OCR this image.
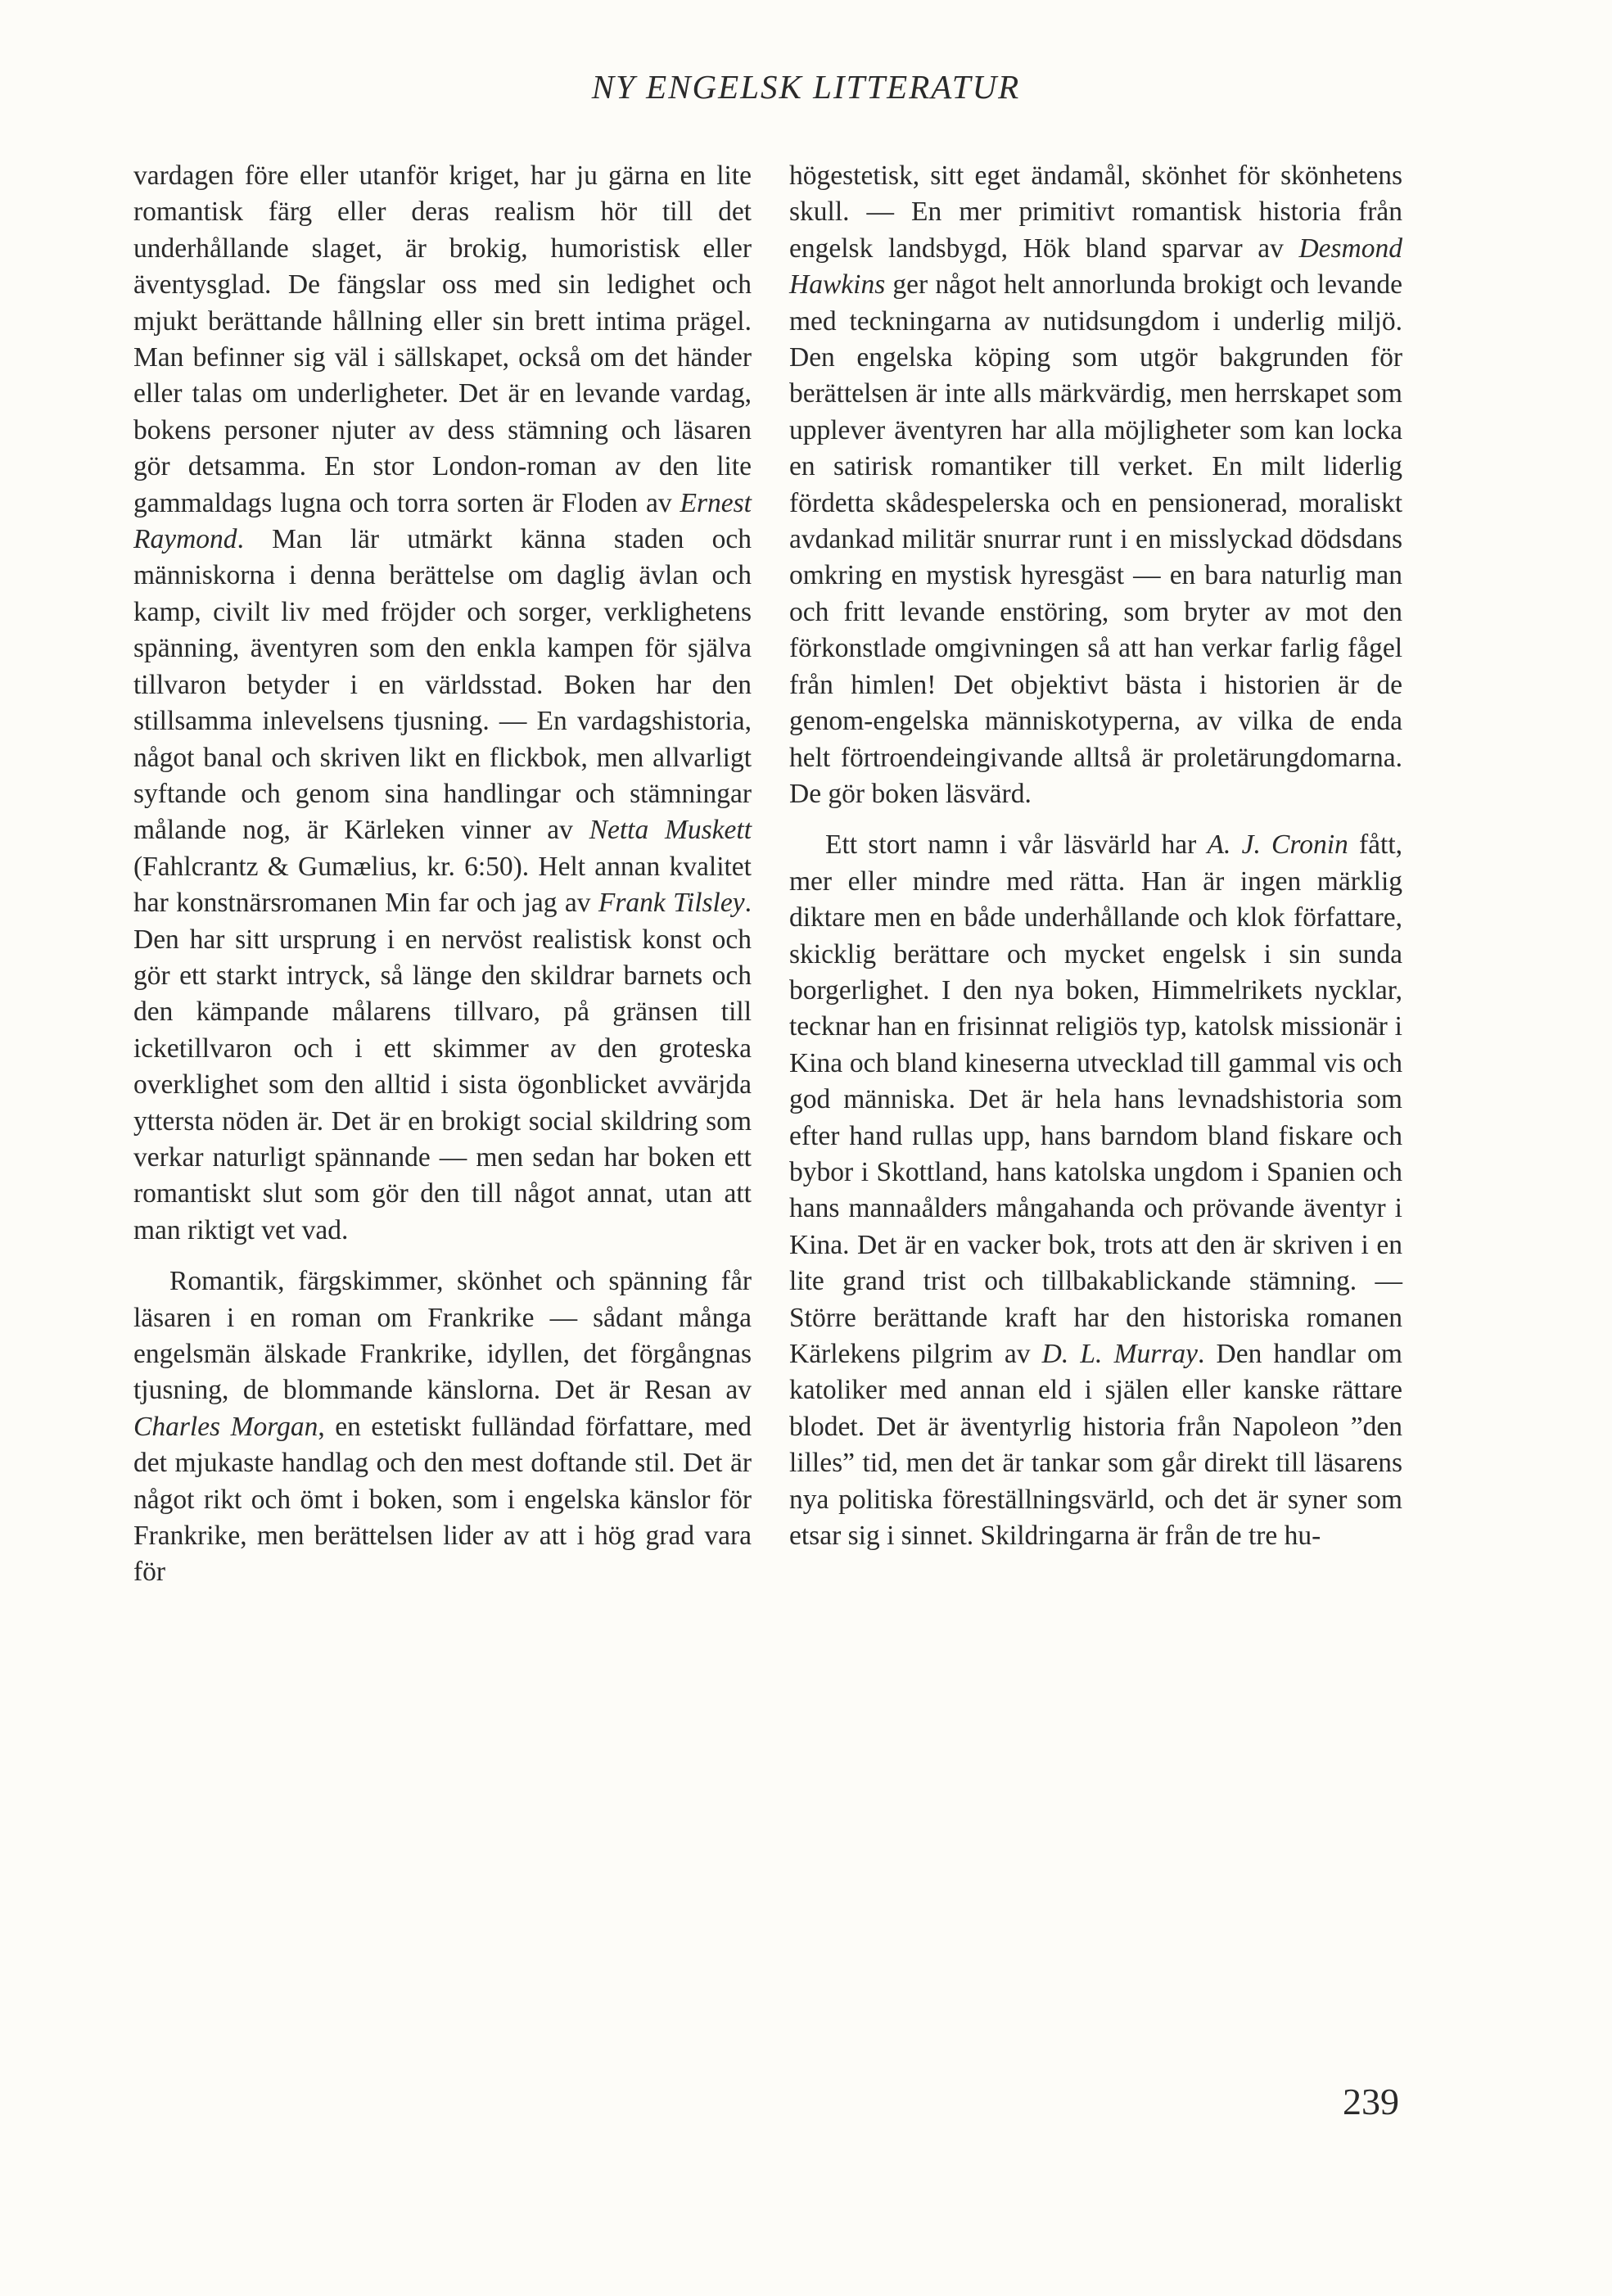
NY ENGELSK LITTERATUR

vardagen före eller utanför kriget, har ju gärna en lite romantisk färg eller deras realism hör till det underhållande slaget, är brokig, humoristisk eller äventysglad. De fängslar oss med sin ledighet och mjukt berättande hållning eller sin brett intima prägel. Man befinner sig väl i sällskapet, också om det händer eller talas om underligheter. Det är en levande vardag, bokens personer njuter av dess stämning och läsaren gör detsamma. En stor London-roman av den lite gammaldags lugna och torra sorten är Floden av Ernest Raymond. Man lär utmärkt känna staden och människorna i denna berättelse om daglig ävlan och kamp, civilt liv med fröjder och sorger, verklighetens spänning, äventyren som den enkla kampen för själva tillvaron betyder i en världsstad. Boken har den stillsamma inlevelsens tjusning. — En vardagshistoria, något banal och skriven likt en flickbok, men allvarligt syftande och genom sina handlingar och stämningar målande nog, är Kärleken vinner av Netta Muskett (Fahlcrantz & Gumælius, kr. 6:50). Helt annan kvalitet har konstnärsromanen Min far och jag av Frank Tilsley. Den har sitt ursprung i en nervöst realistisk konst och gör ett starkt intryck, så länge den skildrar barnets och den kämpande målarens tillvaro, på gränsen till icketillvaron och i ett skimmer av den groteska overklighet som den alltid i sista ögonblicket avvärjda yttersta nöden är. Det är en brokigt social skildring som verkar naturligt spännande — men sedan har boken ett romantiskt slut som gör den till något annat, utan att man riktigt vet vad.

Romantik, färgskimmer, skönhet och spänning får läsaren i en roman om Frankrike — sådant många engelsmän älskade Frankrike, idyllen, det förgångnas tjusning, de blommande känslorna. Det är Resan av Charles Morgan, en estetiskt fulländad författare, med det mjukaste handlag och den mest doftande stil. Det är något rikt och ömt i boken, som i engelska känslor för Frankrike, men berättelsen lider av att i hög grad vara för

högestetisk, sitt eget ändamål, skönhet för skönhetens skull. — En mer primitivt romantisk historia från engelsk landsbygd, Hök bland sparvar av Desmond Hawkins ger något helt annorlunda brokigt och levande med teckningarna av nutidsungdom i underlig miljö. Den engelska köping som utgör bakgrunden för berättelsen är inte alls märkvärdig, men herrskapet som upplever äventyren har alla möjligheter som kan locka en satirisk romantiker till verket. En milt liderlig fördetta skådespelerska och en pensionerad, moraliskt avdankad militär snurrar runt i en misslyckad dödsdans omkring en mystisk hyresgäst — en bara naturlig man och fritt levande enstöring, som bryter av mot den förkonstlade omgivningen så att han verkar farlig fågel från himlen! Det objektivt bästa i historien är de genom-engelska människotyperna, av vilka de enda helt förtroendeingivande alltså är proletärungdomarna. De gör boken läsvärd.

Ett stort namn i vår läsvärld har A. J. Cronin fått, mer eller mindre med rätta. Han är ingen märklig diktare men en både underhållande och klok författare, skicklig berättare och mycket engelsk i sin sunda borgerlighet. I den nya boken, Himmelrikets nycklar, tecknar han en frisinnat religiös typ, katolsk missionär i Kina och bland kineserna utvecklad till gammal vis och god människa. Det är hela hans levnadshistoria som efter hand rullas upp, hans barndom bland fiskare och bybor i Skottland, hans katolska ungdom i Spanien och hans mannaålders mångahanda och prövande äventyr i Kina. Det är en vacker bok, trots att den är skriven i en lite grand trist och tillbakablickande stämning. — Större berättande kraft har den historiska romanen Kärlekens pilgrim av D. L. Murray. Den handlar om katoliker med annan eld i själen eller kanske rättare blodet. Det är äventyrlig historia från Napoleon ”den lilles” tid, men det är tankar som går direkt till läsarens nya politiska föreställningsvärld, och det är syner som etsar sig i sinnet. Skildringarna är från de tre hu-

239
